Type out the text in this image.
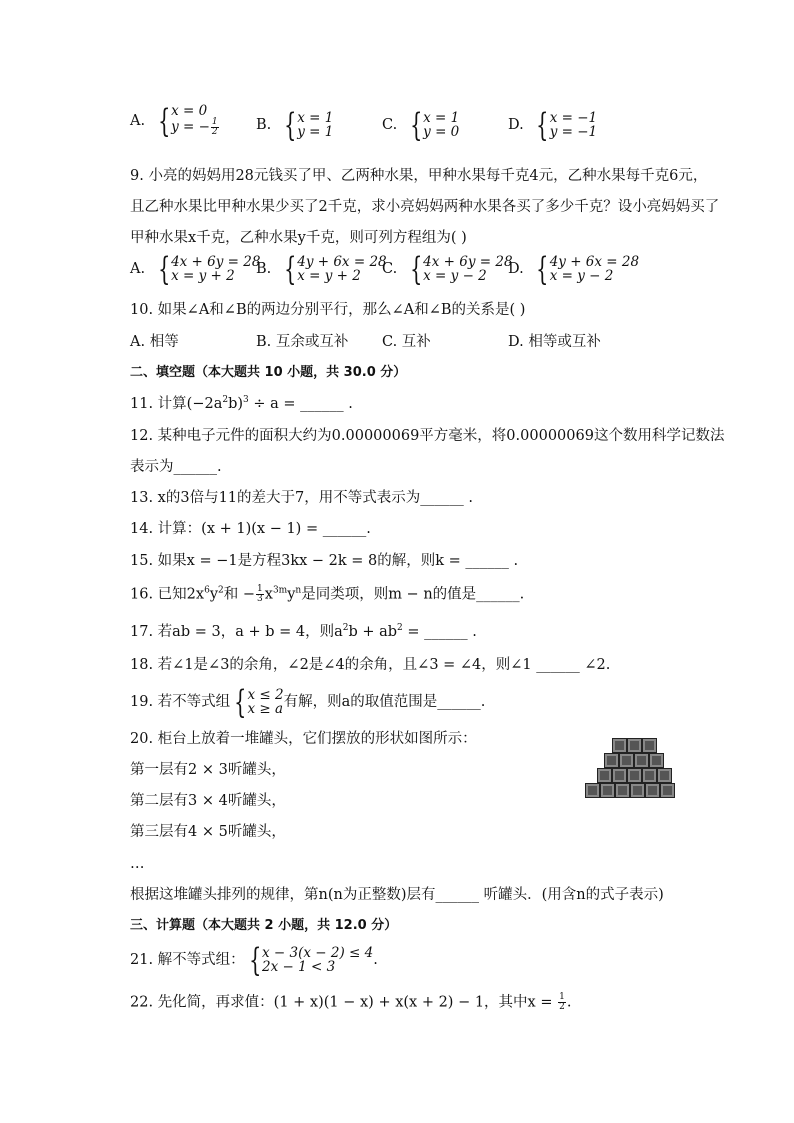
A. { x = 0
y = − $\frac{1}{2}$	B. { x = 1
y = 1	C. { x = 1
y = 0	D. { x = −1
y = −1
9. 小亮的妈妈用28元钱买了甲、乙两种水果，甲种水果每千克4元，乙种水果每千克6元，
且乙种水果比甲种水果少买了2千克，求小亮妈妈两种水果各买了多少千克？设小亮妈妈买了
甲种水果x千克，乙种水果y千克，则可列方程组为( )
A. { 4x + 6y = 28
x = y + 2	B. { 4y + 6x = 28
x = y + 2	C. { 4x + 6y = 28
x = y − 2	D. { 4y + 6x = 28
x = y − 2
10. 如果∠A和∠B的两边分别平行，那么∠A和∠B的关系是( )
A. 相等	B. 互余或互补 C. 互补	D. 相等或互补
二、填空题（本大题共 10 小题，共 30.0 分）
11. 计算$(-2a^2b)^3 \div a$ = ______ .
12. 某种电子元件的面积大约为0.00000069平方毫米，将0.00000069这个数用科学记数法
表示为______.
13. x的3倍与11的差大于7，用不等式表示为______ .
14. 计算：(x + 1)(x − 1) = ______.
15. 如果x = −1是方程3kx − 2k = 8的解，则k = ______ .
16. 已知$2x^6y^2$和 − $\frac{1}{3} x^{3m}y^n$是同类项，则m − n的值是______.
17. 若ab = 3，a + b = 4，则$a^2b + ab^2$ = ______ .
18. 若∠1是∠3的余角，∠2是∠4的余角，且∠3 = ∠4，则∠1 ______ ∠2.
19. 若不等式组 { x ≤ 2
x ≥ a 有解，则a的取值范围是______.
20. 柜台上放着一堆罐头，它们摆放的形状如图所示：
第一层有2 × 3听罐头，
第二层有3 × 4听罐头，
第三层有4 × 5听罐头，
…
根据这堆罐头排列的规律，第n(n为正整数)层有______ 听罐头．(用含n的式子表示)
三、计算题（本大题共 2 小题，共 12.0 分）
21. 解不等式组： { x − 3(x − 2) ≤ 4
2x − 1 < 3	.
22. 先化简，再求值：(1 + x)(1 − x) + x(x + 2) − 1，其中$x = \frac{1}{2}$ .
